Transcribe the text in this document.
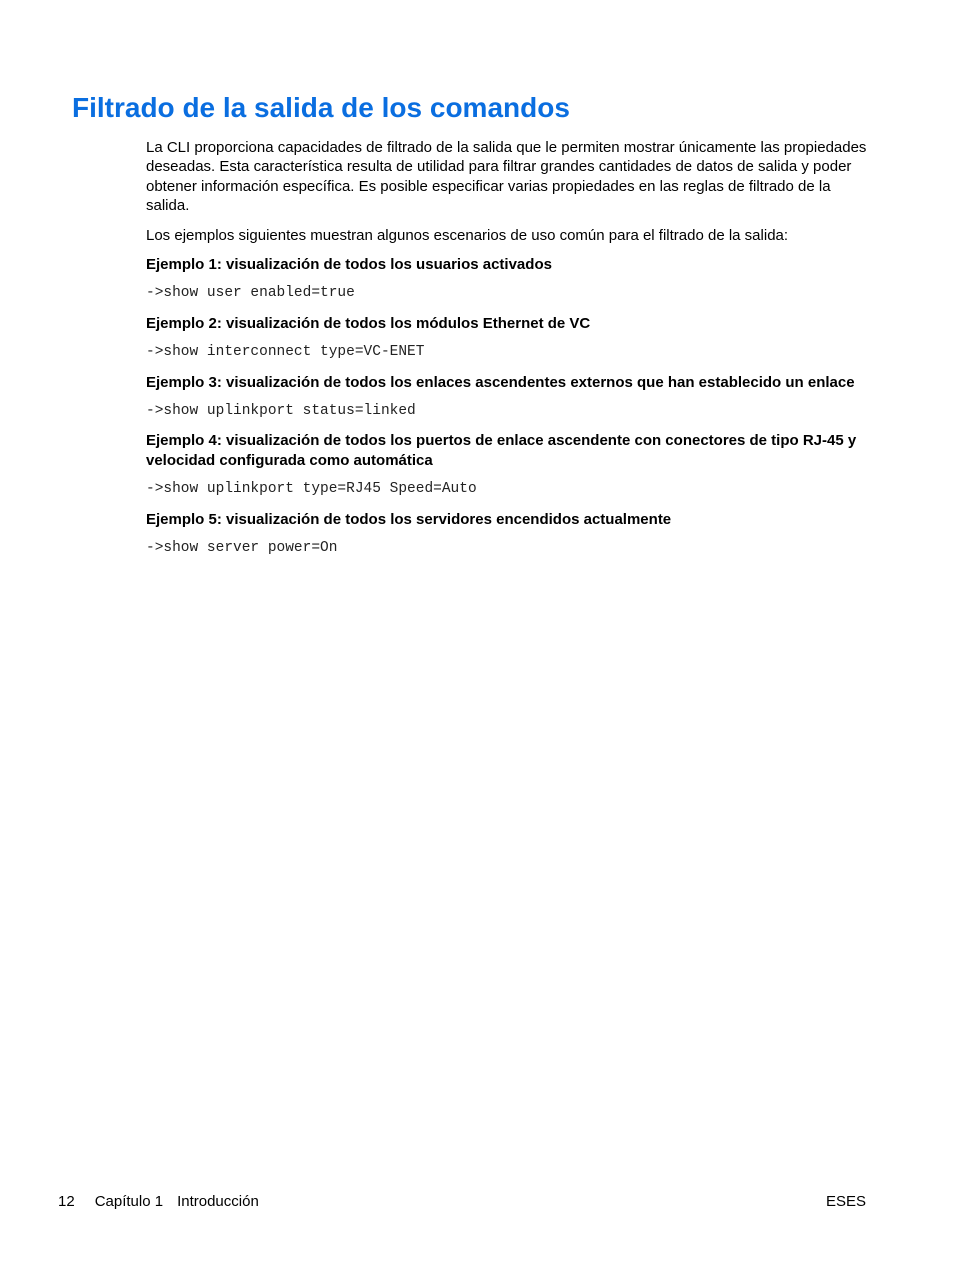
Filtrado de la salida de los comandos

La CLI proporciona capacidades de filtrado de la salida que le permiten mostrar únicamente las propiedades deseadas. Esta característica resulta de utilidad para filtrar grandes cantidades de datos de salida y poder obtener información específica. Es posible especificar varias propiedades en las reglas de filtrado de la salida.

Los ejemplos siguientes muestran algunos escenarios de uso común para el filtrado de la salida:

Ejemplo 1: visualización de todos los usuarios activados

->show user enabled=true

Ejemplo 2: visualización de todos los módulos Ethernet de VC

->show interconnect type=VC-ENET

Ejemplo 3: visualización de todos los enlaces ascendentes externos que han establecido un enlace

->show uplinkport status=linked

Ejemplo 4: visualización de todos los puertos de enlace ascendente con conectores de tipo RJ-45 y velocidad configurada como automática

->show uplinkport type=RJ45 Speed=Auto

Ejemplo 5: visualización de todos los servidores encendidos actualmente

->show server power=On
12 Capítulo 1 Introducción	ESES
